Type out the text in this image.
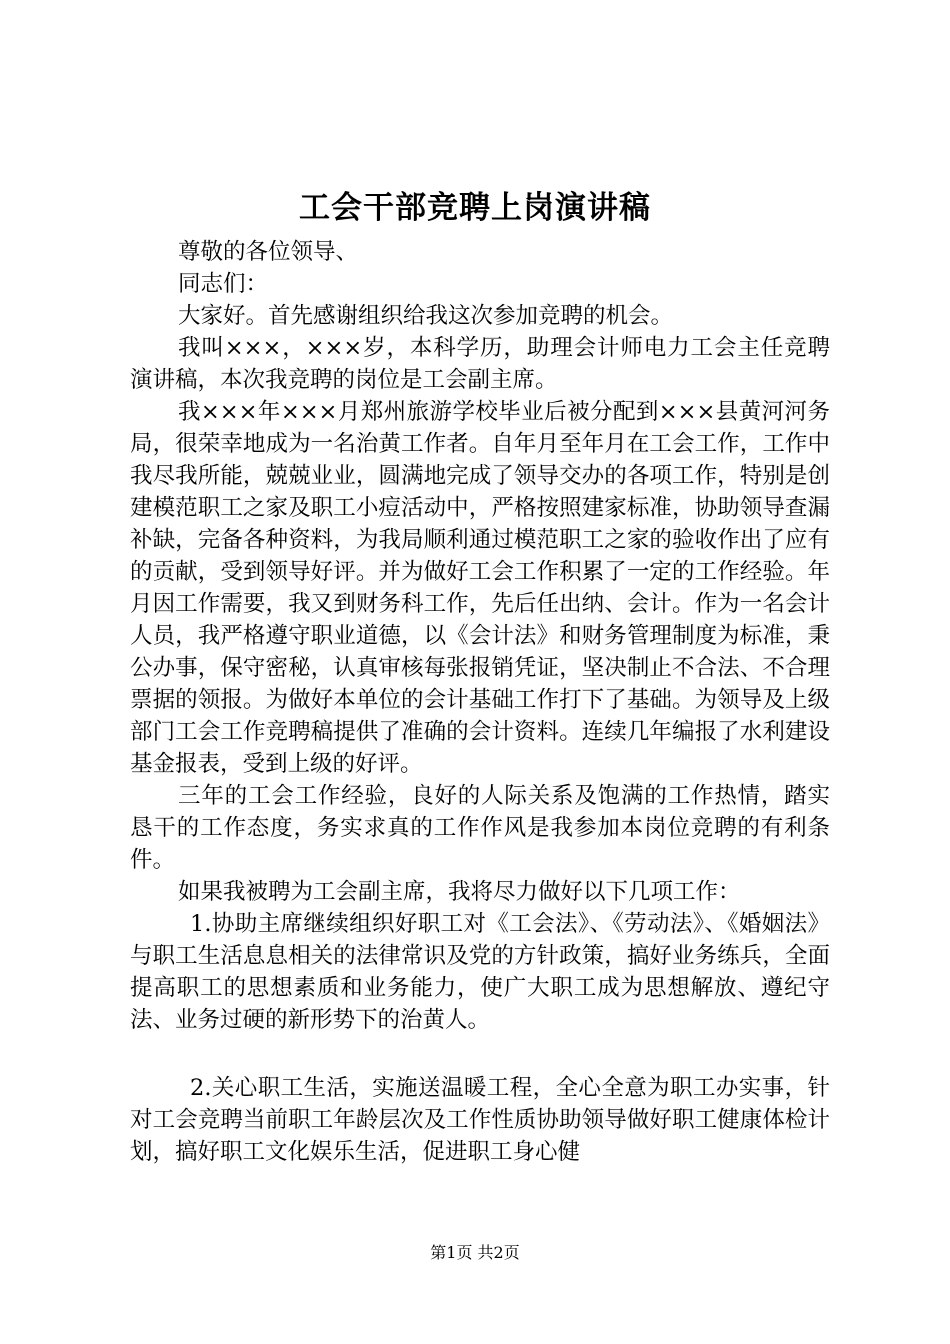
工会干部竞聘上岗演讲稿

尊敬的各位领导、

同志们：

大家好。首先感谢组织给我这次参加竞聘的机会。

我叫×××，×××岁，本科学历，助理会计师电力工会主任竞聘演讲稿，本次我竞聘的岗位是工会副主席。

我×××年×××月郑州旅游学校毕业后被分配到×××县黄河河务局，很荣幸地成为一名治黄工作者。自年月至年月在工会工作，工作中我尽我所能，兢兢业业，圆满地完成了领导交办的各项工作，特别是创建模范职工之家及职工小痘活动中，严格按照建家标准，协助领导查漏补缺，完备各种资料，为我局顺利通过模范职工之家的验收作出了应有的贡献，受到领导好评。并为做好工会工作积累了一定的工作经验。年月因工作需要，我又到财务科工作，先后任出纳、会计。作为一名会计人员，我严格遵守职业道德，以《会计法》和财务管理制度为标准，秉公办事，保守密秘，认真审核每张报销凭证，坚决制止不合法、不合理票据的领报。为做好本单位的会计基础工作打下了基础。为领导及上级部门工会工作竞聘稿提供了准确的会计资料。连续几年编报了水利建设基金报表，受到上级的好评。

三年的工会工作经验，良好的人际关系及饱满的工作热情，踏实恳干的工作态度，务实求真的工作作风是我参加本岗位竞聘的有利条件。

如果我被聘为工会副主席，我将尽力做好以下几项工作：

1.协助主席继续组织好职工对《工会法》、《劳动法》、《婚姻法》与职工生活息息相关的法律常识及党的方针政策，搞好业务练兵，全面提高职工的思想素质和业务能力，使广大职工成为思想解放、遵纪守法、业务过硬的新形势下的治黄人。

2.关心职工生活，实施送温暖工程，全心全意为职工办实事，针对工会竞聘当前职工年龄层次及工作性质协助领导做好职工健康体检计划，搞好职工文化娱乐生活，促进职工身心健

第1页 共2页
